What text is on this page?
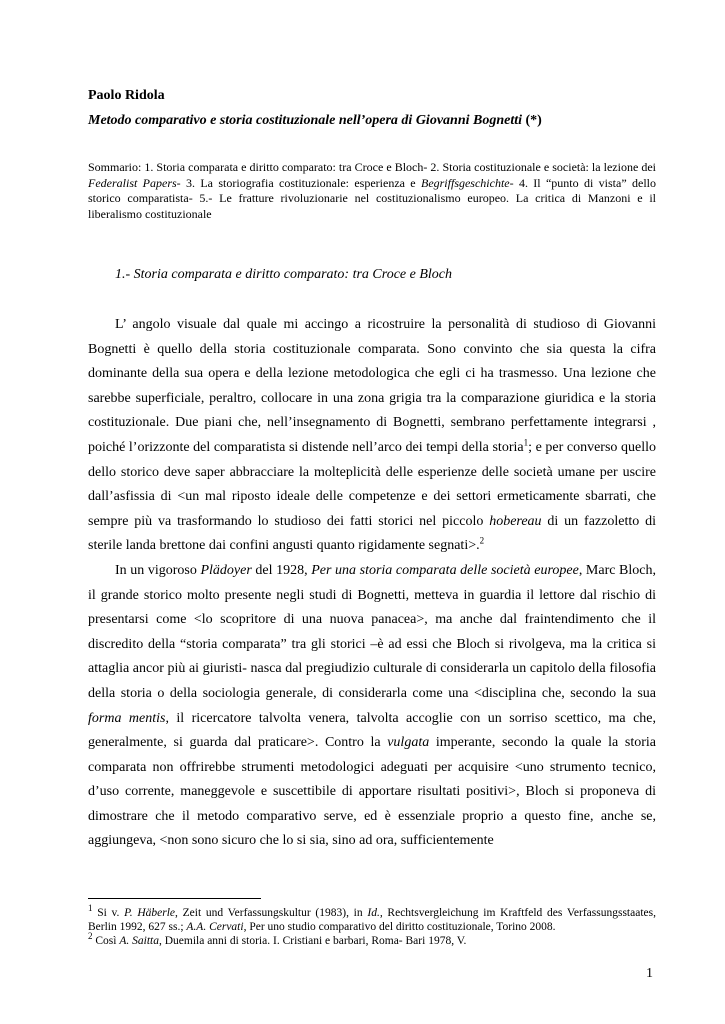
Paolo Ridola
Metodo comparativo e storia costituzionale nell’opera di Giovanni Bognetti (*)
Sommario: 1. Storia comparata e diritto comparato: tra Croce e Bloch- 2. Storia costituzionale e società: la lezione dei Federalist Papers- 3. La storiografia costituzionale: esperienza e Begriffsgeschichte- 4. Il “punto di vista” dello storico comparatista- 5.- Le fratture rivoluzionarie nel costituzionalismo europeo. La critica di Manzoni e il liberalismo costituzionale
1.- Storia comparata e diritto comparato: tra Croce e Bloch

L’ angolo visuale dal quale mi accingo a ricostruire la personalità di studioso di Giovanni Bognetti è quello della storia costituzionale comparata. Sono convinto che sia questa la cifra dominante della sua opera e della lezione metodologica che egli ci ha trasmesso. Una lezione che sarebbe superficiale, peraltro, collocare in una zona grigia tra la comparazione giuridica e la storia costituzionale. Due piani che, nell’insegnamento di Bognetti, sembrano perfettamente integrarsi , poiché l’orizzonte del comparatista si distende nell’arco dei tempi della storia$^1$; e per converso quello dello storico deve saper abbracciare la molteplicità delle esperienze delle società umane per uscire dall’asfissia di <un mal riposto ideale delle competenze e dei settori ermeticamente sbarrati, che sempre più va trasformando lo studioso dei fatti storici nel piccolo hobereau di un fazzoletto di sterile landa brettone dai confini angusti quanto rigidamente segnati>.$^2$

In un vigoroso Plädoyer del 1928, Per una storia comparata delle società europee, Marc Bloch, il grande storico molto presente negli studi di Bognetti, metteva in guardia il lettore dal rischio di presentarsi come <lo scopritore di una nuova panacea>, ma anche dal fraintendimento che il discredito della “storia comparata” tra gli storici –è ad essi che Bloch si rivolgeva, ma la critica si attaglia ancor più ai giuristi- nasca dal pregiudizio culturale di considerarla un capitolo della filosofia della storia o della sociologia generale, di considerarla come una <disciplina che, secondo la sua forma mentis, il ricercatore talvolta venera, talvolta accoglie con un sorriso scettico, ma che, generalmente, si guarda dal praticare>. Contro la vulgata imperante, secondo la quale la storia comparata non offrirebbe strumenti metodologici adeguati per acquisire <uno strumento tecnico, d’uso corrente, maneggevole e suscettibile di apportare risultati positivi>, Bloch si proponeva di dimostrare che il metodo comparativo serve, ed è essenziale proprio a questo fine, anche se, aggiungeva, <non sono sicuro che lo si sia, sino ad ora, sufficientemente

$^1$ Si v. P. Häberle, Zeit und Verfassungskultur (1983), in Id., Rechtsvergleichung im Kraftfeld des Verfassungsstaates, Berlin 1992, 627 ss.; A.A. Cervati, Per uno studio comparativo del diritto costituzionale, Torino 2008.

$^2$ Così A. Saitta, Duemila anni di storia. I. Cristiani e barbari, Roma- Bari 1978, V.

1
